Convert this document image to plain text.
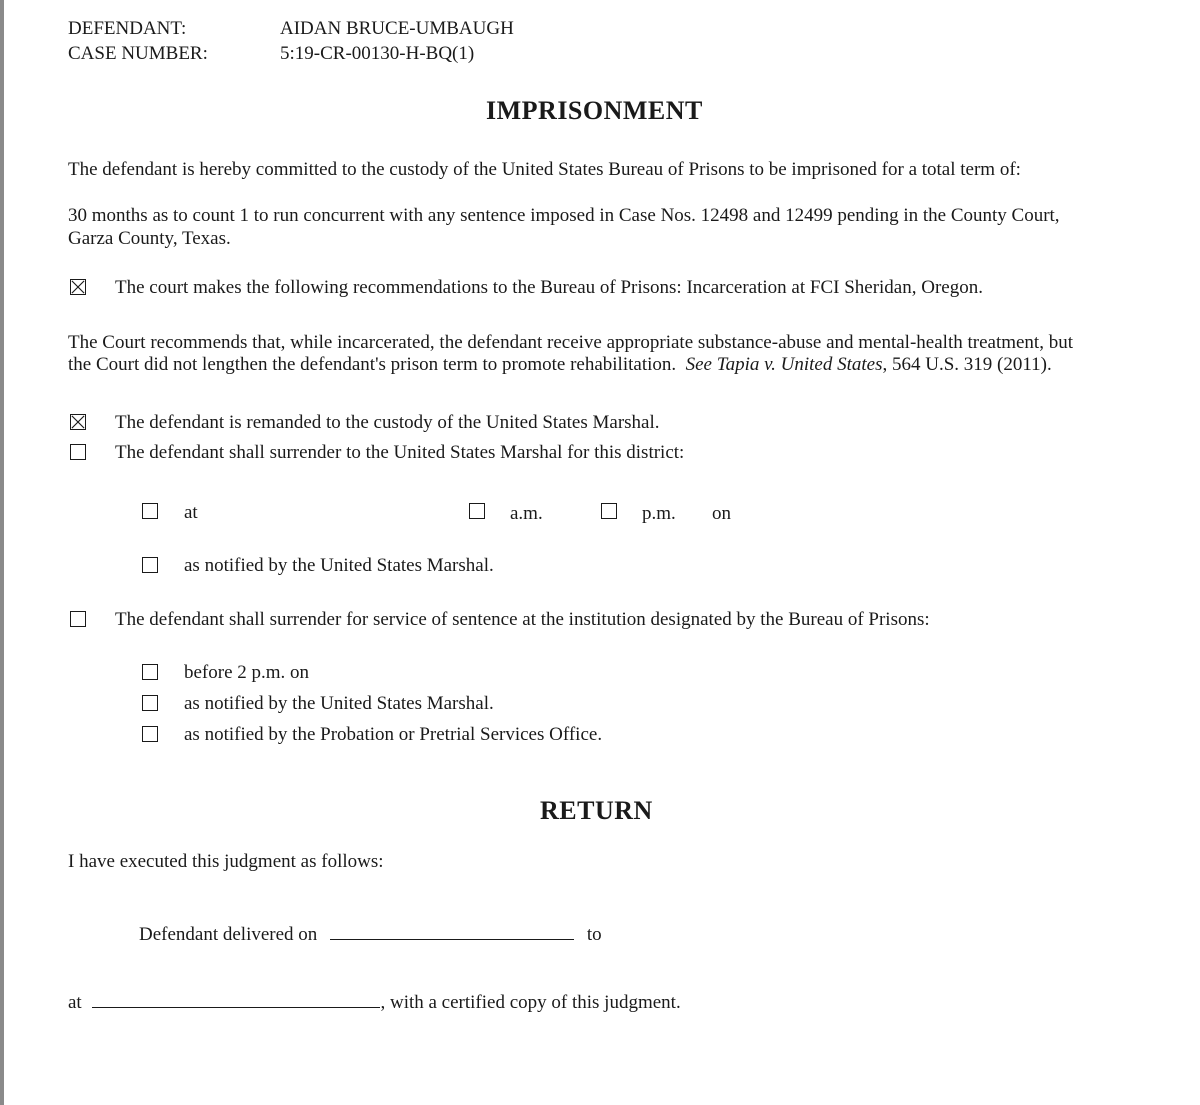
DEFENDANT:	AIDAN BRUCE-UMBAUGH
CASE NUMBER:	5:19-CR-00130-H-BQ(1)
IMPRISONMENT
The defendant is hereby committed to the custody of the United States Bureau of Prisons to be imprisoned for a total term of:
30 months as to count 1 to run concurrent with any sentence imposed in Case Nos. 12498 and 12499 pending in the County Court,
Garza County, Texas.
The court makes the following recommendations to the Bureau of Prisons: Incarceration at FCI Sheridan, Oregon.
The Court recommends that, while incarcerated, the defendant receive appropriate substance-abuse and mental-health treatment, but
the Court did not lengthen the defendant's prison term to promote rehabilitation. See Tapia v. United States, 564 U.S. 319 (2011).
The defendant is remanded to the custody of the United States Marshal.
The defendant shall surrender to the United States Marshal for this district:
at	a.m.	p.m. on
as notified by the United States Marshal.
The defendant shall surrender for service of sentence at the institution designated by the Bureau of Prisons:
before 2 p.m. on
as notified by the United States Marshal.
as notified by the Probation or Pretrial Services Office.
RETURN
I have executed this judgment as follows:
Defendant delivered on	to
at	, with a certified copy of this judgment.
